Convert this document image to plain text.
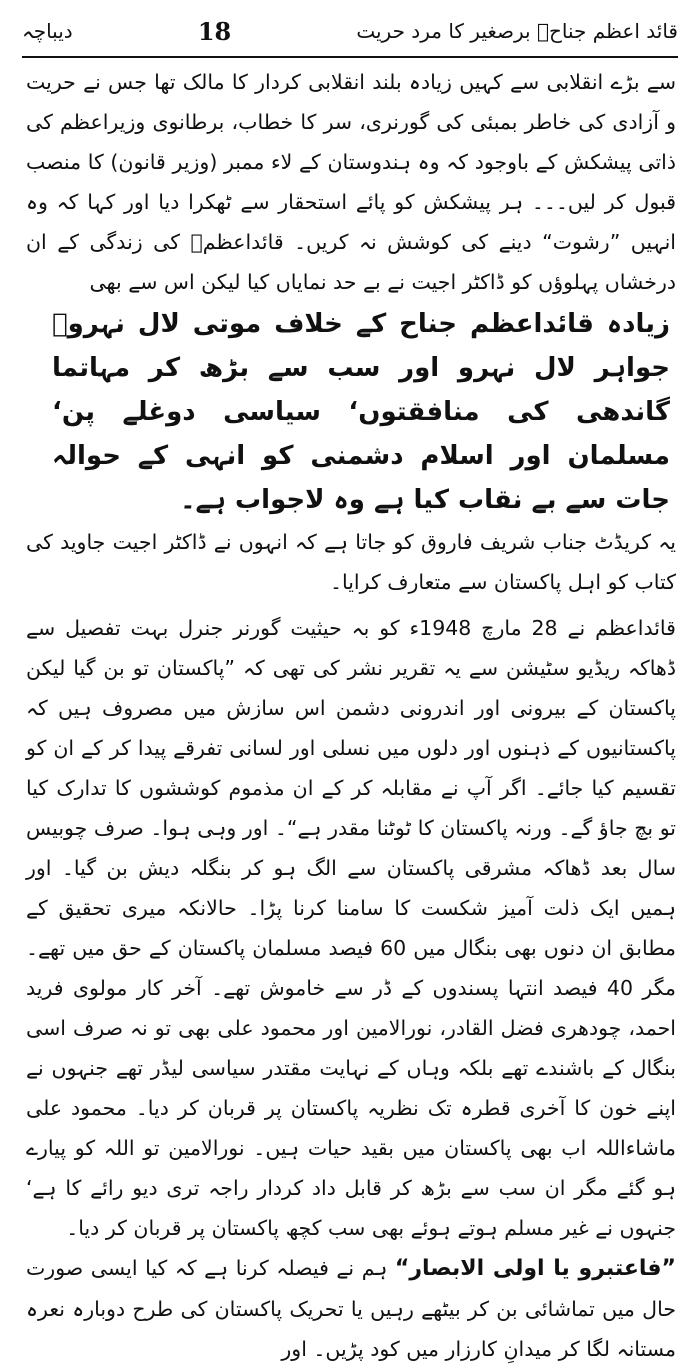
دیباچہ	18	قائد اعظم جناحؒ برصغیر کا مرد حریت

سے بڑے انقلابی سے کہیں زیادہ بلند انقلابی کردار کا مالک تھا جس نے حریت و آزادی کی خاطر بمبئی کی گورنری، سر کا خطاب، برطانوی وزیراعظم کی ذاتی پیشکش کے باوجود کہ وہ ہندوستان کے لاء ممبر (وزیر قانون) کا منصب قبول کر لیں۔۔۔ ہر پیشکش کو پائے استحقار سے ٹھکرا دیا اور کہا کہ وہ انہیں ”رشوت“ دینے کی کوشش نہ کریں۔ قائداعظمؒ کی زندگی کے ان درخشاں پہلوؤں کو ڈاکٹر اجیت نے بے حد نمایاں کیا لیکن اس سے بھی

زیادہ قائداعظم جناح کے خلاف موتی لال نہروؔ جواہر لال نہرو اور سب سے بڑھ کر مہاتما گاندھی کی منافقتوں‘ سیاسی دوغلے پن‘ مسلمان اور اسلام دشمنی کو انہی کے حوالہ جات سے بے نقاب کیا ہے وہ لاجواب ہے۔

یہ کریڈٹ جناب شریف فاروق کو جاتا ہے کہ انہوں نے ڈاکٹر اجیت جاوید کی کتاب کو اہل پاکستان سے متعارف کرایا۔

قائداعظم نے 28 مارچ 1948ء کو بہ حیثیت گورنر جنرل بہت تفصیل سے ڈھاکہ ریڈیو سٹیشن سے یہ تقریر نشر کی تھی کہ ”پاکستان تو بن گیا لیکن پاکستان کے بیرونی اور اندرونی دشمن اس سازش میں مصروف ہیں کہ پاکستانیوں کے ذہنوں اور دلوں میں نسلی اور لسانی تفرقے پیدا کر کے ان کو تقسیم کیا جائے۔ اگر آپ نے مقابلہ کر کے ان مذموم کوششوں کا تدارک کیا تو بچ جاؤ گے۔ ورنہ پاکستان کا ٹوٹنا مقدر ہے“۔ اور وہی ہوا۔ صرف چوبیس سال بعد ڈھاکہ مشرقی پاکستان سے الگ ہو کر بنگلہ دیش بن گیا۔ اور ہمیں ایک ذلت آمیز شکست کا سامنا کرنا پڑا۔ حالانکہ میری تحقیق کے مطابق ان دنوں بھی بنگال میں 60 فیصد مسلمان پاکستان کے حق میں تھے۔ مگر 40 فیصد انتہا پسندوں کے ڈر سے خاموش تھے۔ آخر کار مولوی فرید احمد، چودھری فضل القادر، نورالامین اور محمود علی بھی تو نہ صرف اسی بنگال کے باشندے تھے بلکہ وہاں کے نہایت مقتدر سیاسی لیڈر تھے جنہوں نے اپنے خون کا آخری قطرہ تک نظریہ پاکستان پر قربان کر دیا۔ محمود علی ماشاءاللہ اب بھی پاکستان میں بقید حیات ہیں۔ نورالامین تو اللہ کو پیارے ہو گئے مگر ان سب سے بڑھ کر قابل داد کردار راجہ تری دیو رائے کا ہے‘ جنہوں نے غیر مسلم ہوتے ہوئے بھی سب کچھ پاکستان پر قربان کر دیا۔

”فاعتبرو یا اولی الابصار“ ہم نے فیصلہ کرنا ہے کہ کیا ایسی صورت حال میں تماشائی بن کر بیٹھے رہیں یا تحریک پاکستان کی طرح دوبارہ نعرہ مستانہ لگا کر میدانِ کارزار میں کود پڑیں۔ اور
